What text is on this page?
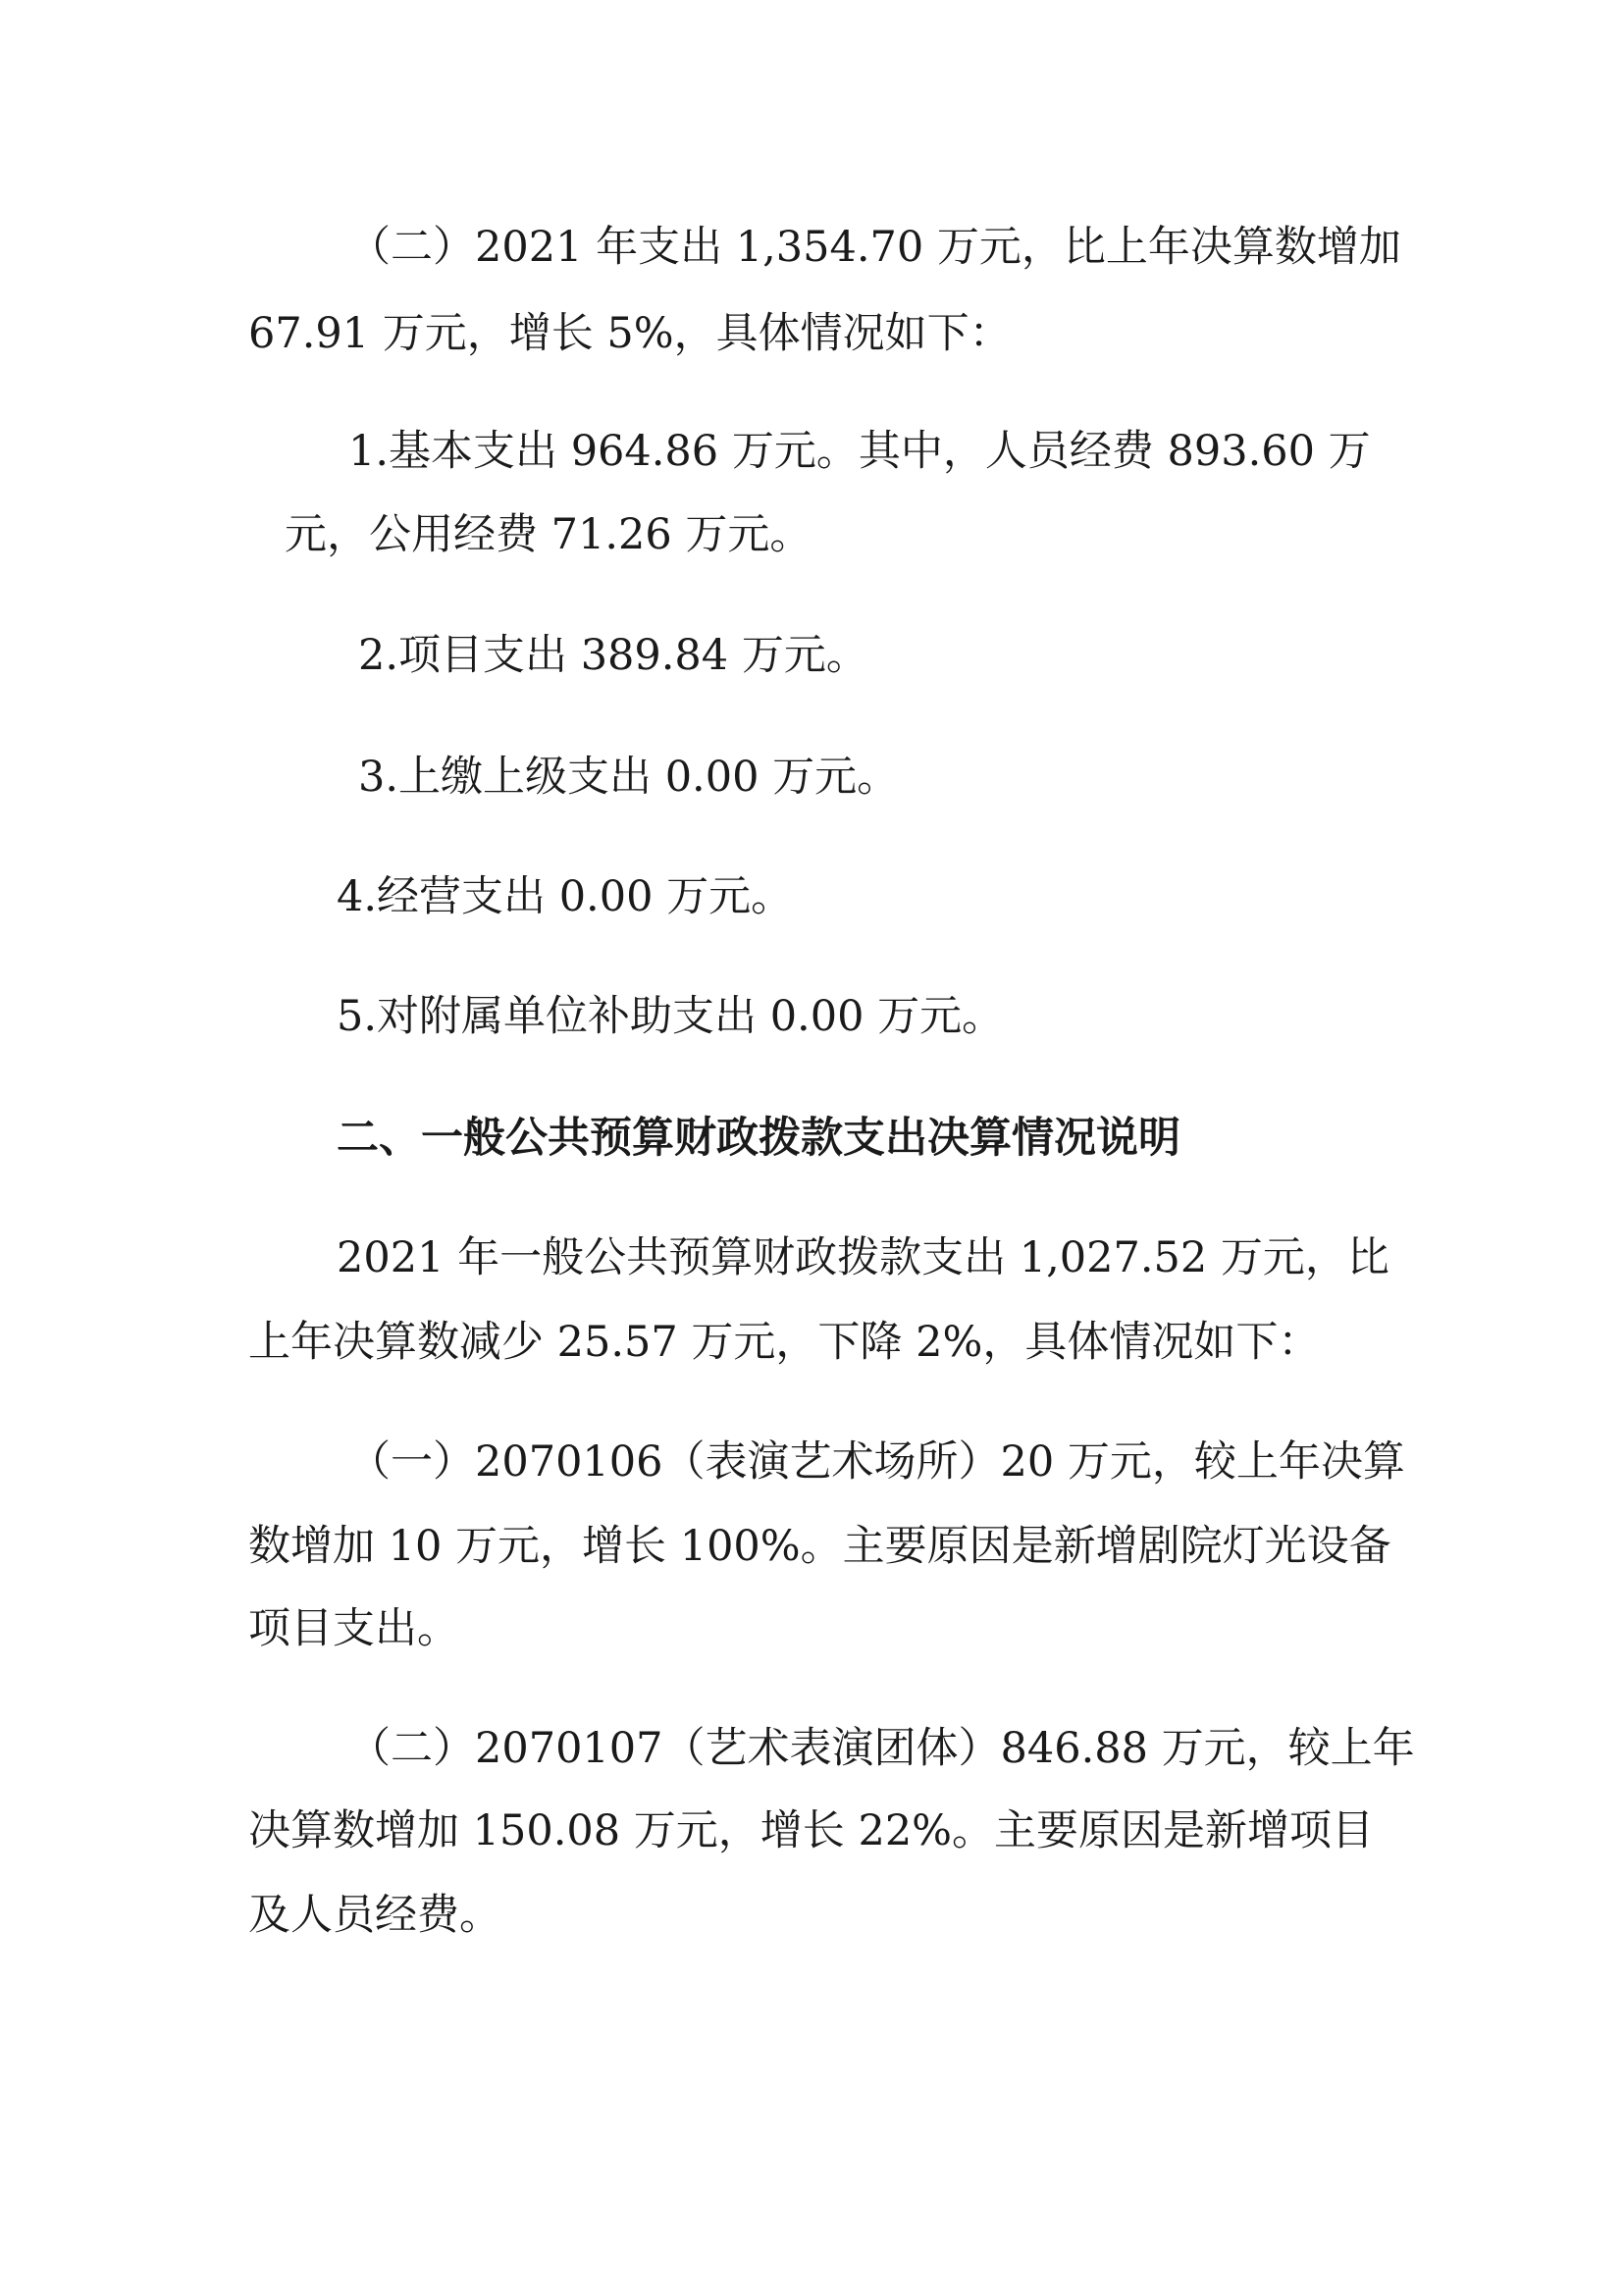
（二）2021 年支出 1,354.70 万元，比上年决算数增加
67.91 万元，增长 5%，具体情况如下：
1.基本支出 964.86 万元。其中，人员经费 893.60 万
元，公用经费 71.26 万元。
2.项目支出 389.84 万元。
3.上缴上级支出 0.00 万元。
4.经营支出 0.00 万元。
5.对附属单位补助支出 0.00 万元。
二、一般公共预算财政拨款支出决算情况说明
2021 年一般公共预算财政拨款支出 1,027.52 万元，比
上年决算数减少 25.57 万元，下降 2%，具体情况如下：
（一）2070106（表演艺术场所）20 万元，较上年决算
数增加 10 万元，增长 100%。主要原因是新增剧院灯光设备
项目支出。
（二）2070107（艺术表演团体）846.88 万元，较上年
决算数增加 150.08 万元，增长 22%。主要原因是新增项目
及人员经费。
